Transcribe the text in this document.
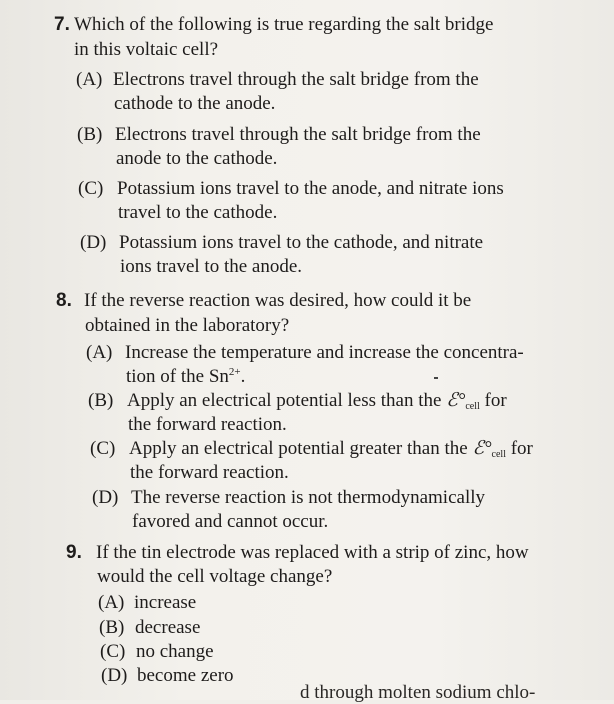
7. Which of the following is true regarding the salt bridge
in this voltaic cell?
(A) Electrons travel through the salt bridge from the
cathode to the anode.
(B) Electrons travel through the salt bridge from the
anode to the cathode.
(C) Potassium ions travel to the anode, and nitrate ions
travel to the cathode.
(D) Potassium ions travel to the cathode, and nitrate
ions travel to the anode.
8. If the reverse reaction was desired, how could it be
obtained in the laboratory?
(A) Increase the temperature and increase the concentra-
tion of the $Sn^{2+}$.
(B) Apply an electrical potential less than the $ℰ^\circ_{cell}$ for
the forward reaction.
(C) Apply an electrical potential greater than the $ℰ^\circ_{cell}$ for
the forward reaction.
(D) The reverse reaction is not thermodynamically
favored and cannot occur.
9. If the tin electrode was replaced with a strip of zinc, how
would the cell voltage change?
(A) increase
(B) decrease
(C) no change
(D) become zero
d through molten sodium chlo-
